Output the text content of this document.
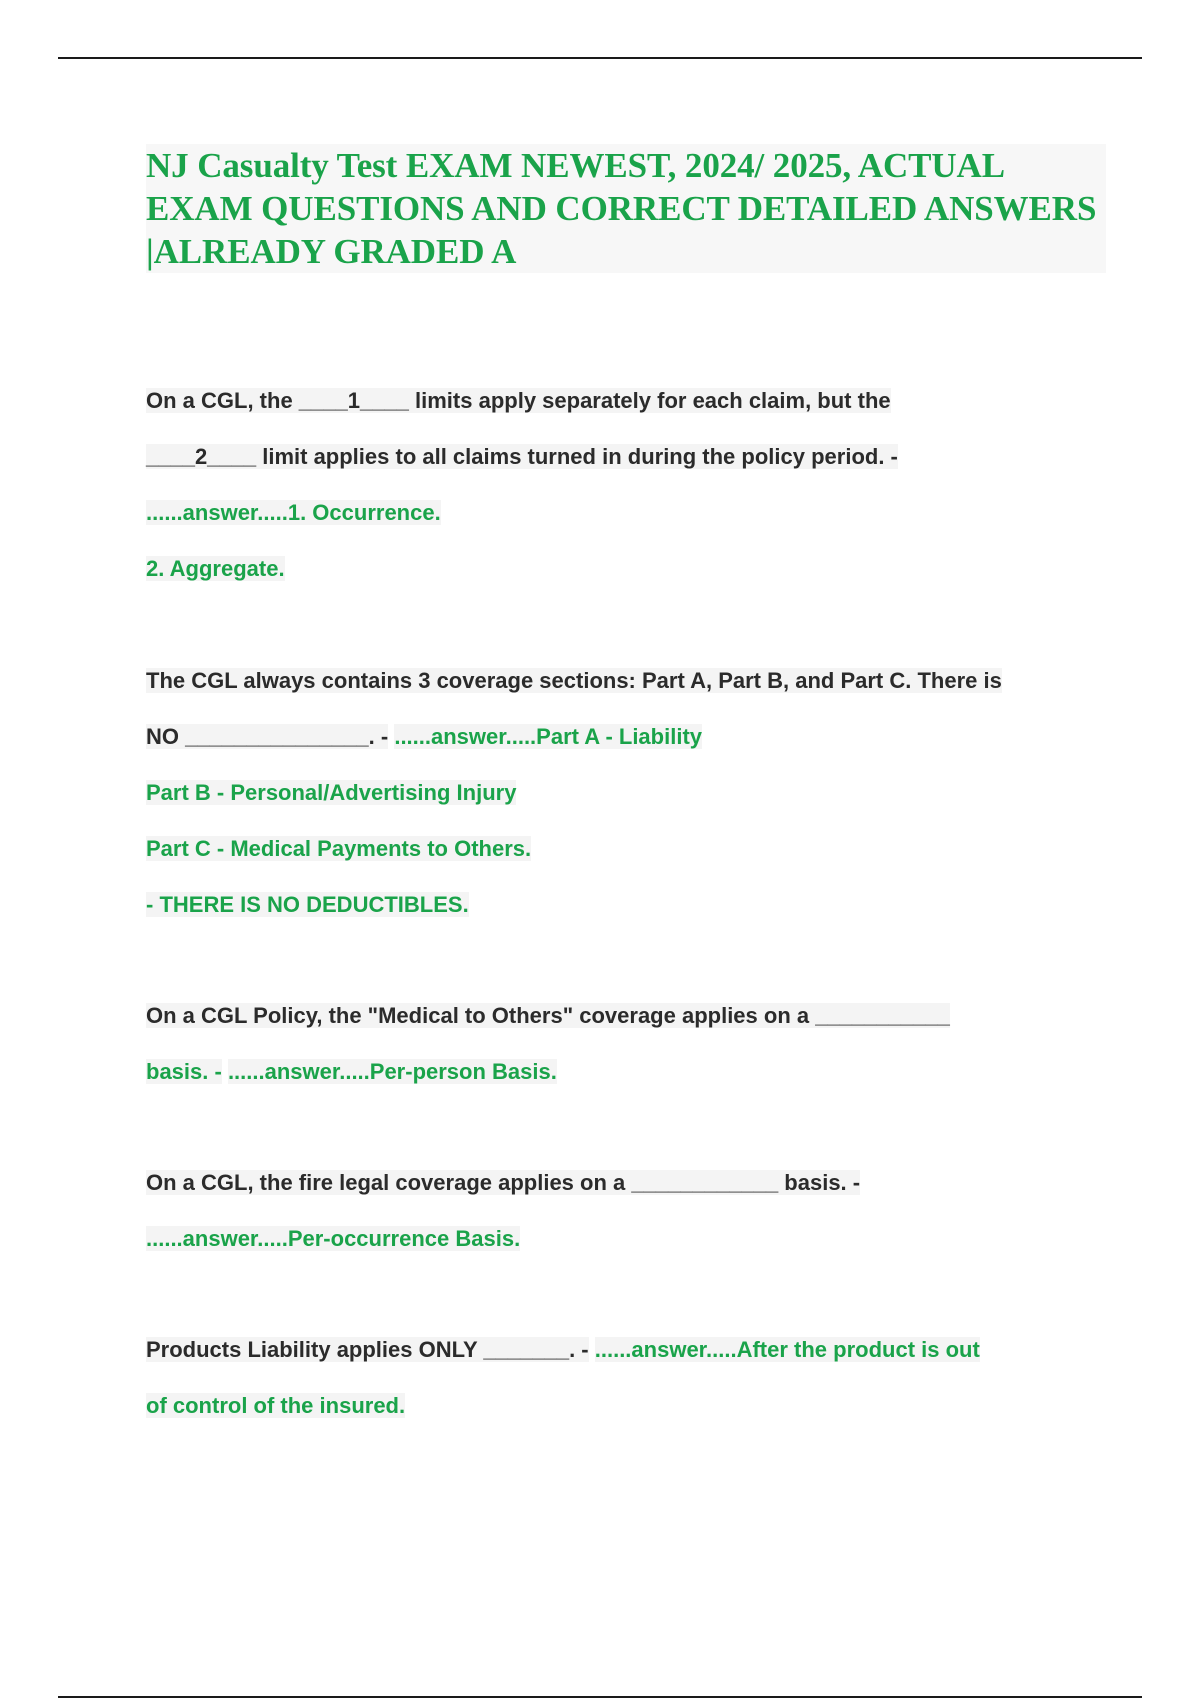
NJ Casualty Test EXAM NEWEST, 2024/ 2025, ACTUAL EXAM QUESTIONS AND CORRECT DETAILED ANSWERS |ALREADY GRADED A
On a CGL, the ____1____ limits apply separately for each claim, but the
____2____ limit applies to all claims turned in during the policy period. -
......answer.....1. Occurrence.
2. Aggregate.
The CGL always contains 3 coverage sections: Part A, Part B, and Part C. There is
NO _______________. - ......answer.....Part A - Liability
Part B - Personal/Advertising Injury
Part C - Medical Payments to Others.
- THERE IS NO DEDUCTIBLES.
On a CGL Policy, the "Medical to Others" coverage applies on a ___________
basis. - ......answer.....Per-person Basis.
On a CGL, the fire legal coverage applies on a ____________ basis. -
......answer.....Per-occurrence Basis.
Products Liability applies ONLY _______. - ......answer.....After the product is out
of control of the insured.
